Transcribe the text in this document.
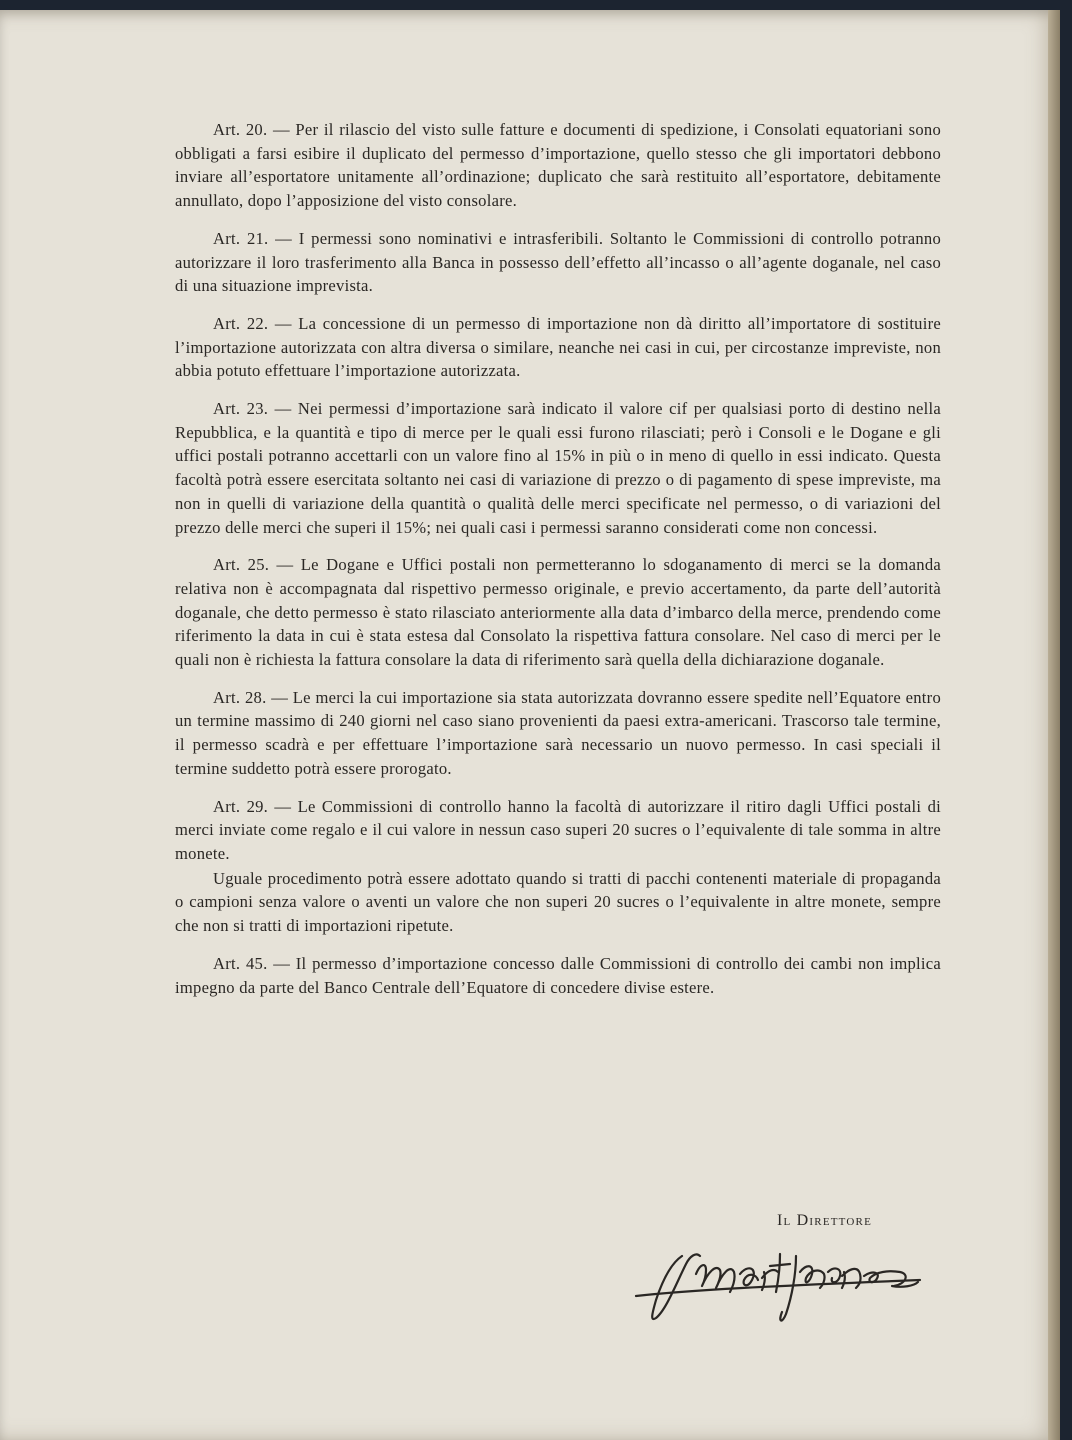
Art. 20. — Per il rilascio del visto sulle fatture e documenti di spedizione, i Consolati equatoriani sono obbligati a farsi esibire il duplicato del permesso d’importazione, quello stesso che gli importatori debbono inviare all’esportatore unitamente all’ordinazione; duplicato che sarà restituito all’esportatore, debitamente annullato, dopo l’apposizione del visto consolare.

Art. 21. — I permessi sono nominativi e intrasferibili. Soltanto le Commissioni di controllo potranno autorizzare il loro trasferimento alla Banca in possesso dell’effetto all’incasso o all’agente doganale, nel caso di una situazione imprevista.

Art. 22. — La concessione di un permesso di importazione non dà diritto all’importatore di sostituire l’importazione autorizzata con altra diversa o similare, neanche nei casi in cui, per circostanze impreviste, non abbia potuto effettuare l’importazione autorizzata.

Art. 23. — Nei permessi d’importazione sarà indicato il valore cif per qualsiasi porto di destino nella Repubblica, e la quantità e tipo di merce per le quali essi furono rilasciati; però i Consoli e le Dogane e gli uffici postali potranno accettarli con un valore fino al 15% in più o in meno di quello in essi indicato. Questa facoltà potrà essere esercitata soltanto nei casi di variazione di prezzo o di pagamento di spese impreviste, ma non in quelli di variazione della quantità o qualità delle merci specificate nel permesso, o di variazioni del prezzo delle merci che superi il 15%; nei quali casi i permessi saranno considerati come non concessi.

Art. 25. — Le Dogane e Uffici postali non permetteranno lo sdoganamento di merci se la domanda relativa non è accompagnata dal rispettivo permesso originale, e previo accertamento, da parte dell’autorità doganale, che detto permesso è stato rilasciato anteriormente alla data d’imbarco della merce, prendendo come riferimento la data in cui è stata estesa dal Consolato la rispettiva fattura consolare. Nel caso di merci per le quali non è richiesta la fattura consolare la data di riferimento sarà quella della dichiarazione doganale.

Art. 28. — Le merci la cui importazione sia stata autorizzata dovranno essere spedite nell’Equatore entro un termine massimo di 240 giorni nel caso siano provenienti da paesi extra-americani. Trascorso tale termine, il permesso scadrà e per effettuare l’importazione sarà necessario un nuovo permesso. In casi speciali il termine suddetto potrà essere prorogato.

Art. 29. — Le Commissioni di controllo hanno la facoltà di autorizzare il ritiro dagli Uffici postali di merci inviate come regalo e il cui valore in nessun caso superi 20 sucres o l’equivalente di tale somma in altre monete.

Uguale procedimento potrà essere adottato quando si tratti di pacchi contenenti materiale di propaganda o campioni senza valore o aventi un valore che non superi 20 sucres o l’equivalente in altre monete, sempre che non si tratti di importazioni ripetute.

Art. 45. — Il permesso d’importazione concesso dalle Commissioni di controllo dei cambi non implica impegno da parte del Banco Centrale dell’Equatore di concedere divise estere.

Il Direttore
Martinone
